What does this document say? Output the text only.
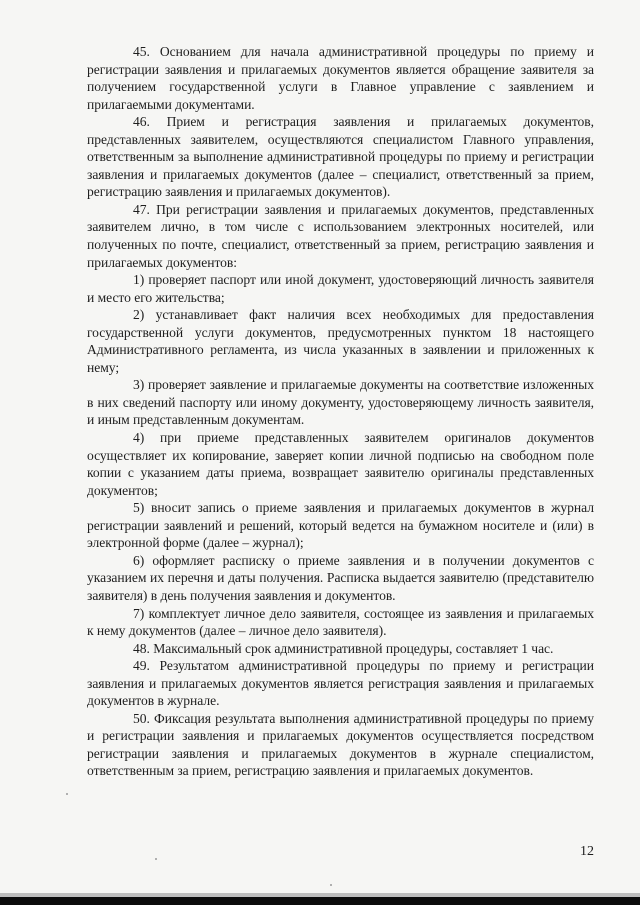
45. Основанием для начала административной процедуры по приему и регистрации заявления и прилагаемых документов является обращение заявителя за получением государственной услуги в Главное управление с заявлением и прилагаемыми документами.

46. Прием и регистрация заявления и прилагаемых документов, представленных заявителем, осуществляются специалистом Главного управления, ответственным за выполнение административной процедуры по приему и регистрации заявления и прилагаемых документов (далее – специалист, ответственный за прием, регистрацию заявления и прилагаемых документов).

47. При регистрации заявления и прилагаемых документов, представленных заявителем лично, в том числе с использованием электронных носителей, или полученных по почте, специалист, ответственный за прием, регистрацию заявления и прилагаемых документов:

1) проверяет паспорт или иной документ, удостоверяющий личность заявителя и место его жительства;

2) устанавливает факт наличия всех необходимых для предоставления государственной услуги документов, предусмотренных пунктом 18 настоящего Административного регламента, из числа указанных в заявлении и приложенных к нему;

3) проверяет заявление и прилагаемые документы на соответствие изложенных в них сведений паспорту или иному документу, удостоверяющему личность заявителя, и иным представленным документам.

4) при приеме представленных заявителем оригиналов документов осуществляет их копирование, заверяет копии личной подписью на свободном поле копии с указанием даты приема, возвращает заявителю оригиналы представленных документов;

5) вносит запись о приеме заявления и прилагаемых документов в журнал регистрации заявлений и решений, который ведется на бумажном носителе и (или) в электронной форме (далее – журнал);

6) оформляет расписку о приеме заявления и в получении документов с указанием их перечня и даты получения. Расписка выдается заявителю (представителю заявителя) в день получения заявления и документов.

7) комплектует личное дело заявителя, состоящее из заявления и прилагаемых к нему документов (далее – личное дело заявителя).

48. Максимальный срок административной процедуры, составляет 1 час.

49. Результатом административной процедуры по приему и регистрации заявления и прилагаемых документов является регистрация заявления и прилагаемых документов в журнале.

50. Фиксация результата выполнения административной процедуры по приему и регистрации заявления и прилагаемых документов осуществляется посредством регистрации заявления и прилагаемых документов в журнале специалистом, ответственным за прием, регистрацию заявления и прилагаемых документов.

12
